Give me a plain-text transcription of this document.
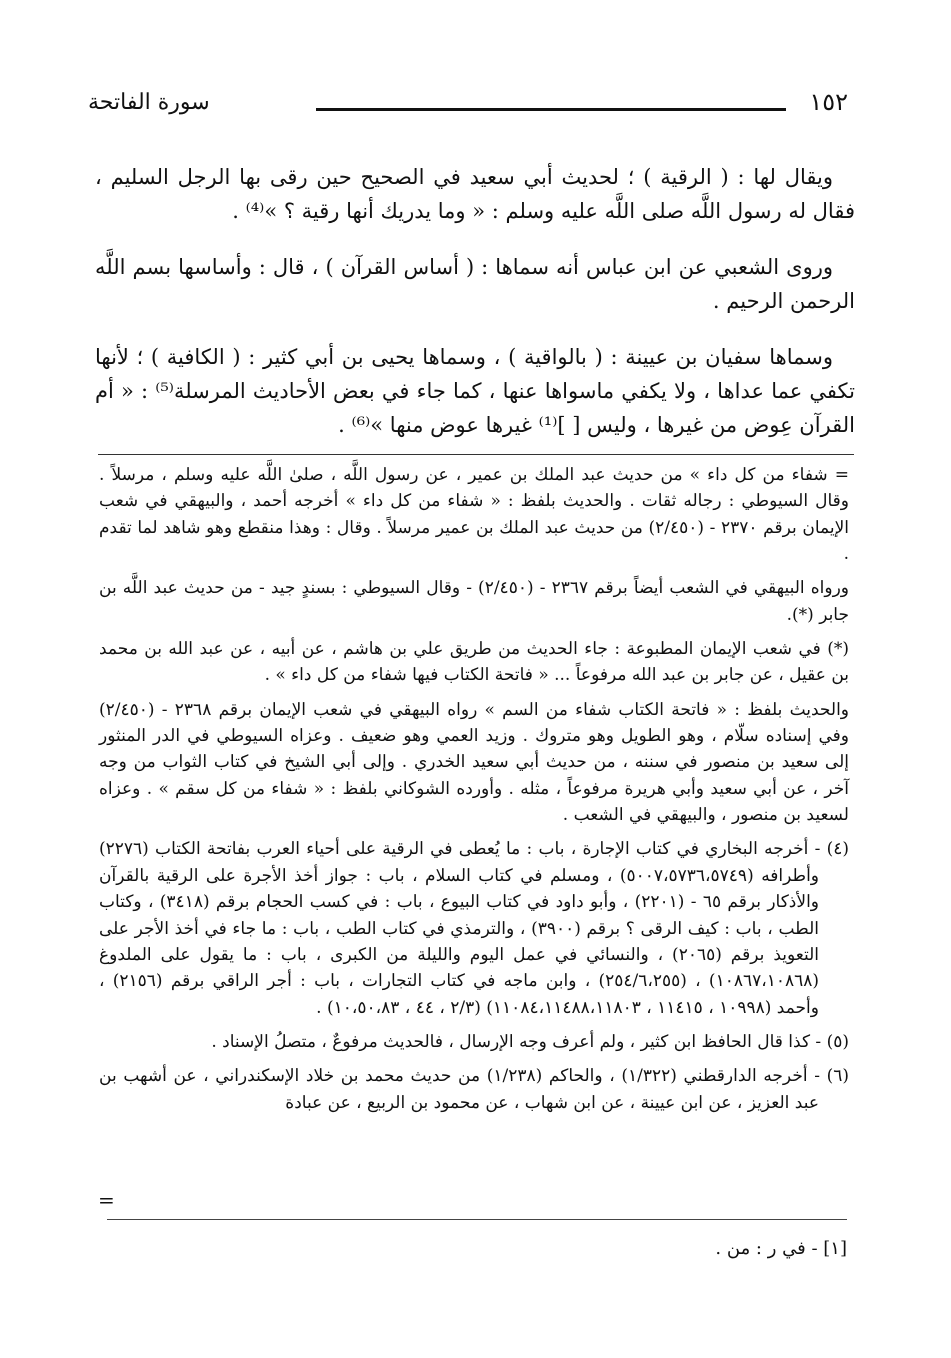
١٥٢
سورة الفاتحة

ويقال لها : ( الرقية ) ؛ لحديث أبي سعيد في الصحيح حين رقى بها الرجل السليم ، فقال له رسول اللَّه صلى اللَّه عليه وسلم : « وما يدريك أنها رقية ؟ »⁽⁴⁾ .

وروى الشعبي عن ابن عباس أنه سماها : ( أساس القرآن ) ، قال : وأساسها بسم اللَّه الرحمن الرحيم .

وسماها سفيان بن عيينة : ( بالواقية ) ، وسماها يحيى بن أبي كثير : ( الكافية ) ؛ لأنها تكفي عما عداها ، ولا يكفي ماسواها عنها ، كما جاء في بعض الأحاديث المرسلة⁽⁵⁾ : « أم القرآن عِوض من غيرها ، وليس [ ]⁽¹⁾ غيرها عوض منها »⁽⁶⁾ .

= شفاء من كل داء » من حديث عبد الملك بن عمير ، عن رسول اللَّه ، صلىٰ اللَّه عليه وسلم ، مرسلاً . وقال السيوطي : رجاله ثقات . والحديث بلفظ : « شفاء من كل داء » أخرجه أحمد ، والبيهقي في شعب الإيمان برقم ٢٣٧٠ - (٢/٤٥٠) من حديث عبد الملك بن عمير مرسلاً . وقال : وهذا منقطع وهو شاهد لما تقدم .
ورواه البيهقي في الشعب أيضاً برقم ٢٣٦٧ - (٢/٤٥٠) - وقال السيوطي : بسندٍ جيد - من حديث عبد اللَّه بن جابر (*).
(*) في شعب الإيمان المطبوعة : جاء الحديث من طريق علي بن هاشم ، عن أبيه ، عن عبد الله بن محمد بن عقيل ، عن جابر بن عبد الله مرفوعاً ... « فاتحة الكتاب فيها شفاء من كل داء » .
والحديث بلفظ : « فاتحة الكتاب شفاء من السم » رواه البيهقي في شعب الإيمان برقم ٢٣٦٨ - (٢/٤٥٠) وفي إسناده سلّام ، وهو الطويل وهو متروك . وزيد العمي وهو ضعيف . وعزاه السيوطي في الدر المنثور إلى سعيد بن منصور في سننه ، من حديث أبي سعيد الخدري . وإلى أبي الشيخ في كتاب الثواب من وجه آخر ، عن أبي سعيد وأبي هريرة مرفوعاً ، مثله . وأورده الشوكاني بلفظ : « شفاء من كل سقم » . وعزاه لسعيد بن منصور ، والبيهقي في الشعب .
(٤) - أخرجه البخاري في كتاب الإجارة ، باب : ما يُعطى في الرقية على أحياء العرب بفاتحة الكتاب (٢٢٧٦) وأطرافه (٥٠٠٧،٥٧٣٦،٥٧٤٩) ، ومسلم في كتاب السلام ، باب : جواز أخذ الأجرة على الرقية بالقرآن والأذكار برقم ٦٥ - (٢٢٠١) ، وأبو داود في كتاب البيوع ، باب : في كسب الحجام برقم (٣٤١٨) ، وكتاب الطب ، باب : كيف الرقى ؟ برقم (٣٩٠٠) ، والترمذي في كتاب الطب ، باب : ما جاء في أخذ الأجر على التعويذ برقم (٢٠٦٥) ، والنسائي في عمل اليوم والليلة من الكبرى ، باب : ما يقول على الملدوغ (١٠٨٦٧،١٠٨٦٨) ، (٢٥٤/٦،٢٥٥) ، وابن ماجه في كتاب التجارات ، باب : أجر الراقي برقم (٢١٥٦) ، وأحمد (١٠٩٩٨ ، ١١٤١٥ ، ١١٠٨٤،١١٤٨٨،١١٨٠٣) (٢/٣ ، ٤٤ ، ١٠،٥٠،٨٣) .
(٥) - كذا قال الحافظ ابن كثير ، ولم أعرف وجه الإرسال ، فالحديث مرفوعٌ ، متصلُ الإسناد .
(٦) - أخرجه الدارقطني (١/٣٢٢) ، والحاكم (١/٢٣٨) من حديث محمد بن خلاد الإسكندراني ، عن أشهب بن عبد العزيز ، عن ابن عيينة ، عن ابن شهاب ، عن محمود بن الربيع ، عن عبادة
=
[١] - في ر : من .
